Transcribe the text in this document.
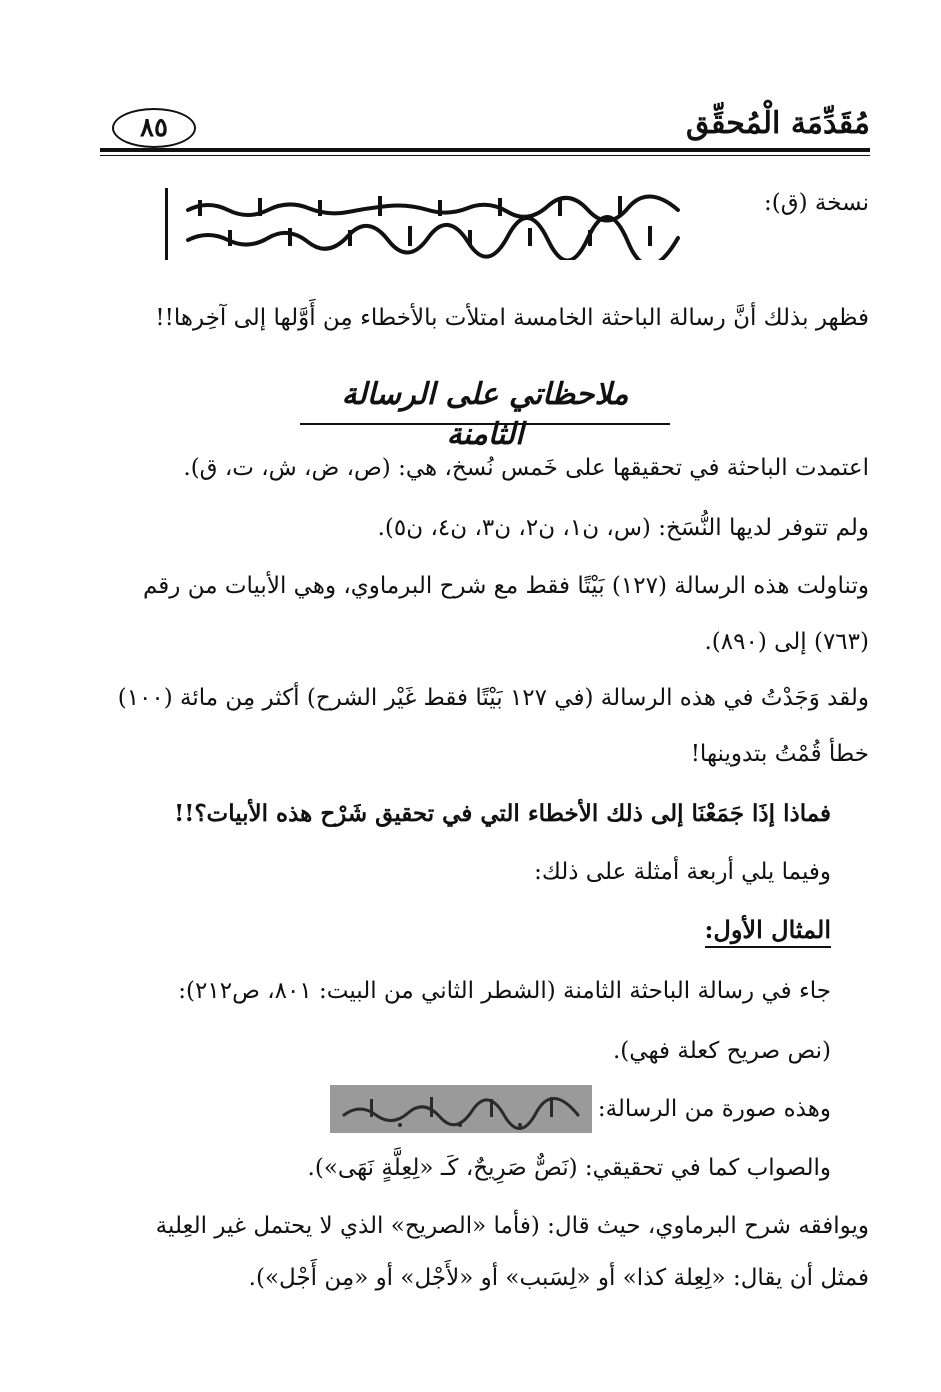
مُقَدِّمَة الْمُحقِّق
٨٥
نسخة (ق):
فظهر بذلك أنَّ رسالة الباحثة الخامسة امتلأت بالأخطاء مِن أَوَّلها إلى آخِرها!!
ملاحظاتي على الرسالة الثامنة
اعتمدت الباحثة في تحقيقها على خَمس نُسخ، هي: (ص، ض، ش، ت، ق).
ولم تتوفر لديها النُّسَخ: (س، ن١، ن٢، ن٣، ن٤، ن٥).
وتناولت هذه الرسالة (١٢٧) بَيْتًا فقط مع شرح البرماوي، وهي الأبيات من رقم
(٧٦٣) إلى (٨٩٠).
ولقد وَجَدْتُ في هذه الرسالة (في ١٢٧ بَيْتًا فقط غَيْر الشرح) أكثر مِن مائة (١٠٠)
خطأ قُمْتُ بتدوينها!
فماذا إذَا جَمَعْنَا إلى ذلك الأخطاء التي في تحقيق شَرْح هذه الأبيات؟!!
وفيما يلي أربعة أمثلة على ذلك:
المثال الأول:
جاء في رسالة الباحثة الثامنة (الشطر الثاني من البيت: ٨٠١، ص٢١٢):
(نص صريح كعلة فهي).
وهذه صورة من الرسالة:
والصواب كما في تحقيقي: (نَصٌّ صَرِيحٌ، كَـ «لِعِلَّةٍ نَهَى»).
ويوافقه شرح البرماوي، حيث قال: (فأما «الصريح» الذي لا يحتمل غير العِلية
فمثل أن يقال: «لِعِلة كذا» أو «لِسَبب» أو «لأَجْل» أو «مِن أَجْل»).
